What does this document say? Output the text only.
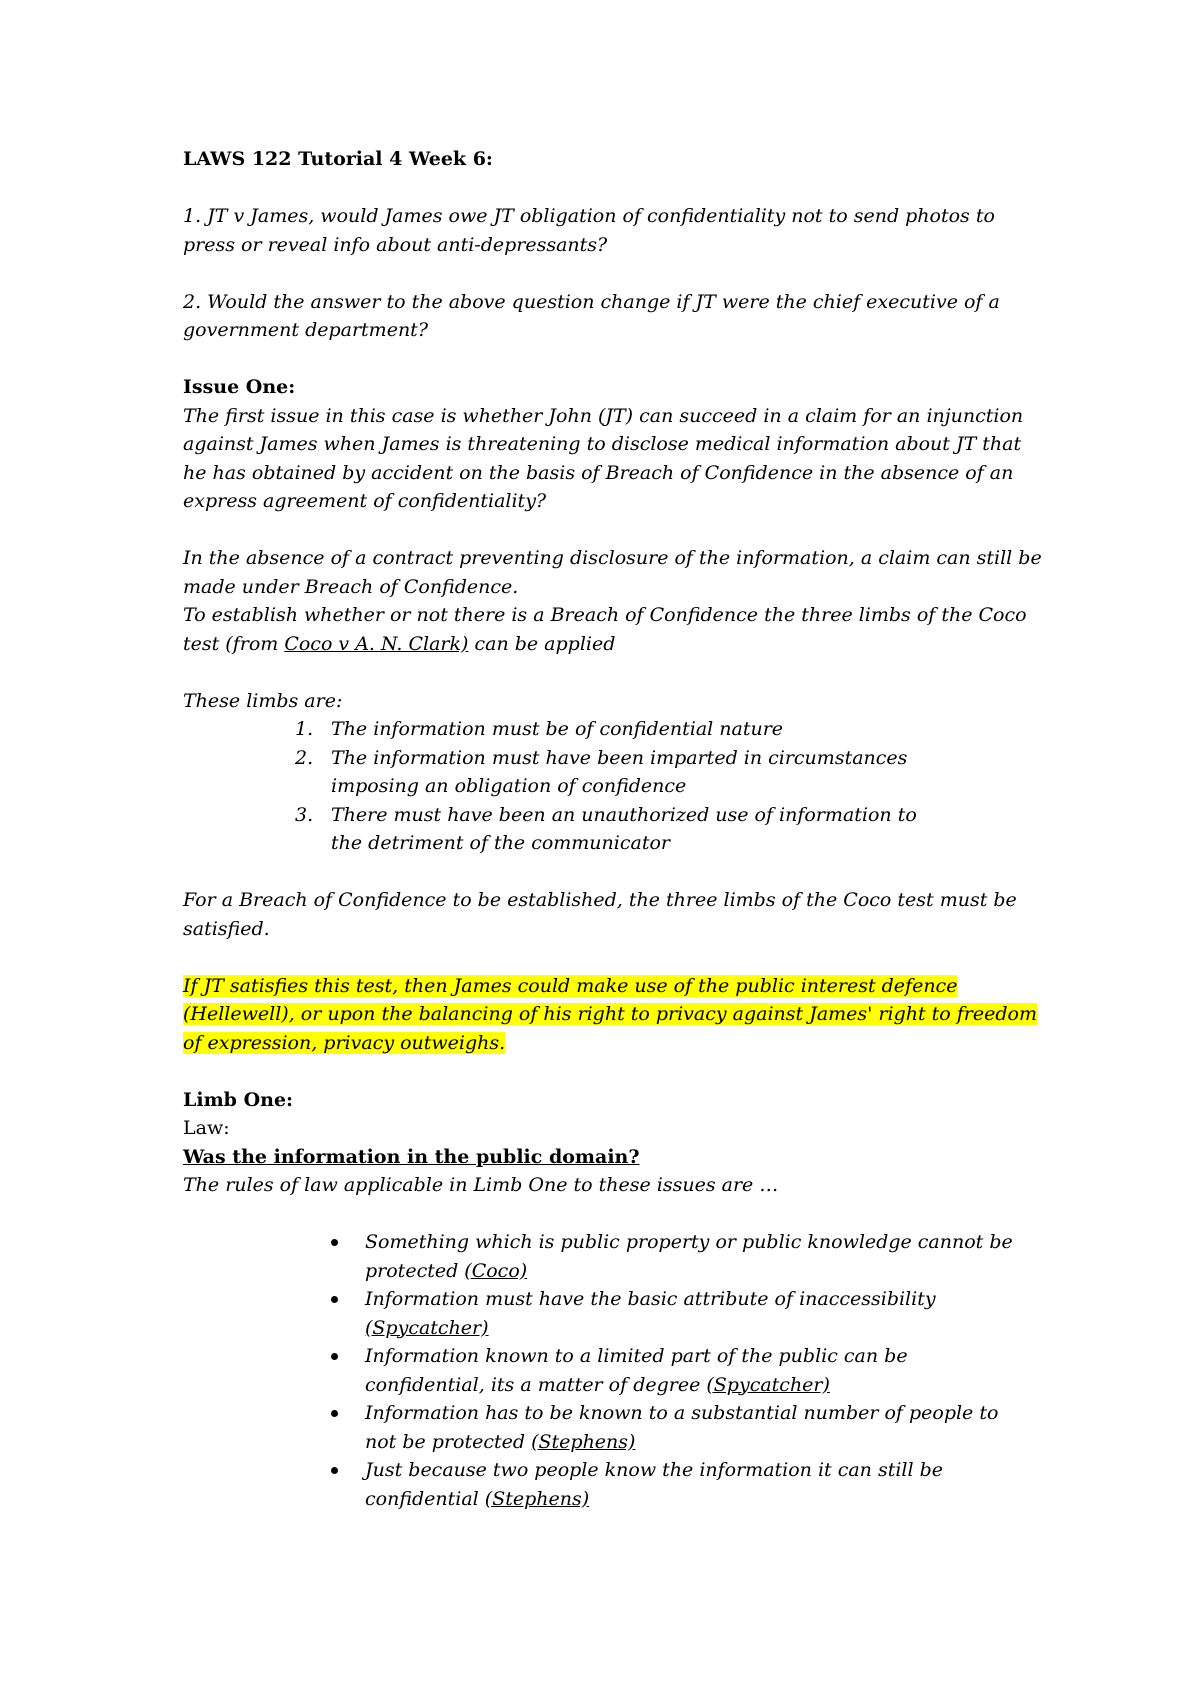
LAWS 122 Tutorial 4 Week 6:

1. JT v James, would James owe JT obligation of confidentiality not to send photos to press or reveal info about anti-depressants?

2. Would the answer to the above question change if JT were the chief executive of a government department?

Issue One:

The first issue in this case is whether John (JT) can succeed in a claim for an injunction against James when James is threatening to disclose medical information about JT that he has obtained by accident on the basis of Breach of Confidence in the absence of an express agreement of confidentiality?

In the absence of a contract preventing disclosure of the information, a claim can still be made under Breach of Confidence.

To establish whether or not there is a Breach of Confidence the three limbs of the Coco test (from Coco v A. N. Clark) can be applied

These limbs are:

1. The information must be of confidential nature
2. The information must have been imparted in circumstances imposing an obligation of confidence
3. There must have been an unauthorized use of information to the detriment of the communicator

For a Breach of Confidence to be established, the three limbs of the Coco test must be satisfied.

If JT satisfies this test, then James could make use of the public interest defence (Hellewell), or upon the balancing of his right to privacy against James' right to freedom of expression, privacy outweighs.

Limb One:

Law:

Was the information in the public domain?

The rules of law applicable in Limb One to these issues are …

Something which is public property or public knowledge cannot be protected (Coco)
Information must have the basic attribute of inaccessibility (Spycatcher)
Information known to a limited part of the public can be confidential, its a matter of degree (Spycatcher)
Information has to be known to a substantial number of people to not be protected (Stephens)
Just because two people know the information it can still be confidential (Stephens)
